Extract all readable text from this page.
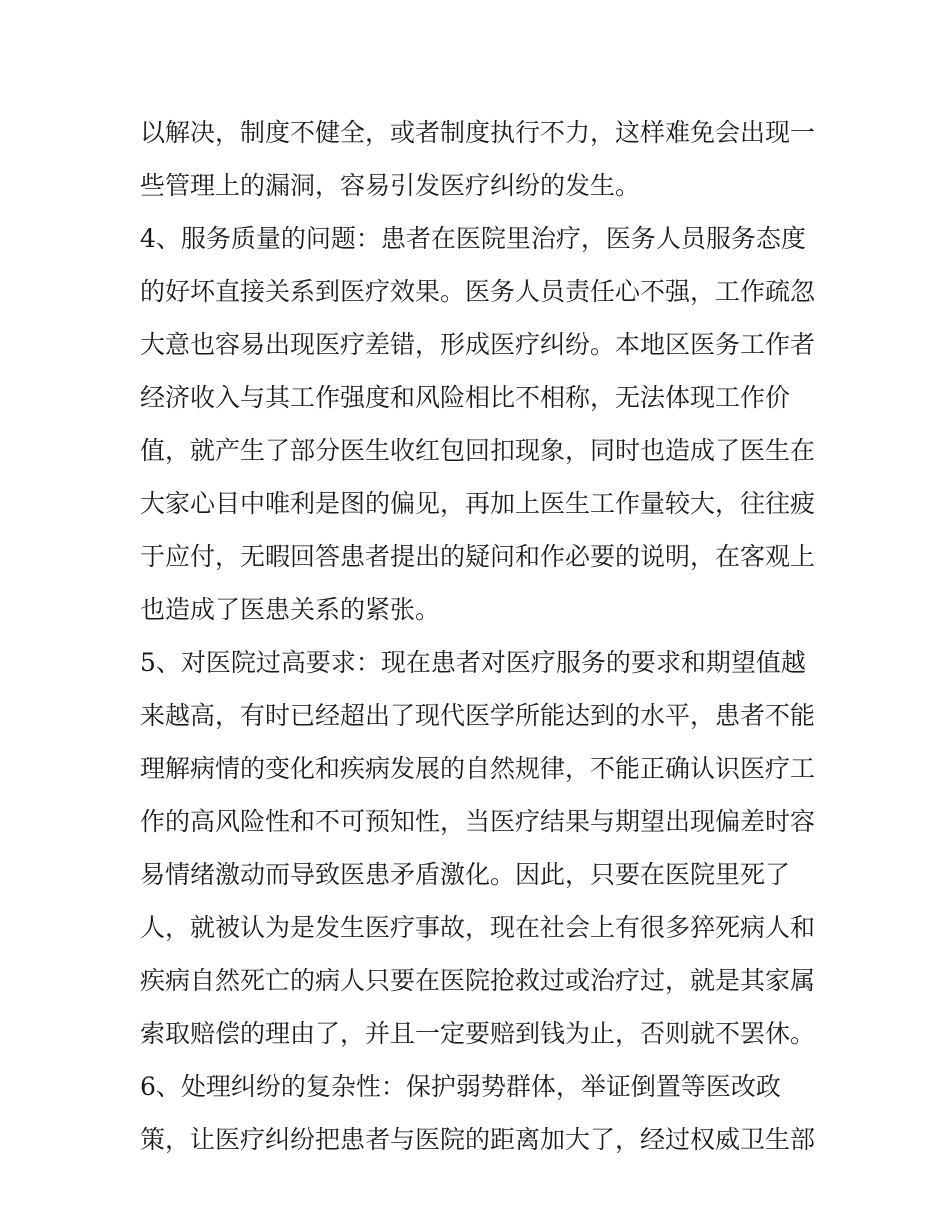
以解决，制度不健全，或者制度执行不力，这样难免会出现一
些管理上的漏洞，容易引发医疗纠纷的发生。
4、服务质量的问题：患者在医院里治疗，医务人员服务态度
的好坏直接关系到医疗效果。医务人员责任心不强，工作疏忽
大意也容易出现医疗差错，形成医疗纠纷。本地区医务工作者
经济收入与其工作强度和风险相比不相称，无法体现工作价
值，就产生了部分医生收红包回扣现象，同时也造成了医生在
大家心目中唯利是图的偏见，再加上医生工作量较大，往往疲
于应付，无暇回答患者提出的疑问和作必要的说明，在客观上
也造成了医患关系的紧张。
5、对医院过高要求：现在患者对医疗服务的要求和期望值越
来越高，有时已经超出了现代医学所能达到的水平，患者不能
理解病情的变化和疾病发展的自然规律，不能正确认识医疗工
作的高风险性和不可预知性，当医疗结果与期望出现偏差时容
易情绪激动而导致医患矛盾激化。因此，只要在医院里死了
人，就被认为是发生医疗事故，现在社会上有很多猝死病人和
疾病自然死亡的病人只要在医院抢救过或治疗过，就是其家属
索取赔偿的理由了，并且一定要赔到钱为止，否则就不罢休。
6、处理纠纷的复杂性：保护弱势群体，举证倒置等医改政
策，让医疗纠纷把患者与医院的距离加大了，经过权威卫生部
